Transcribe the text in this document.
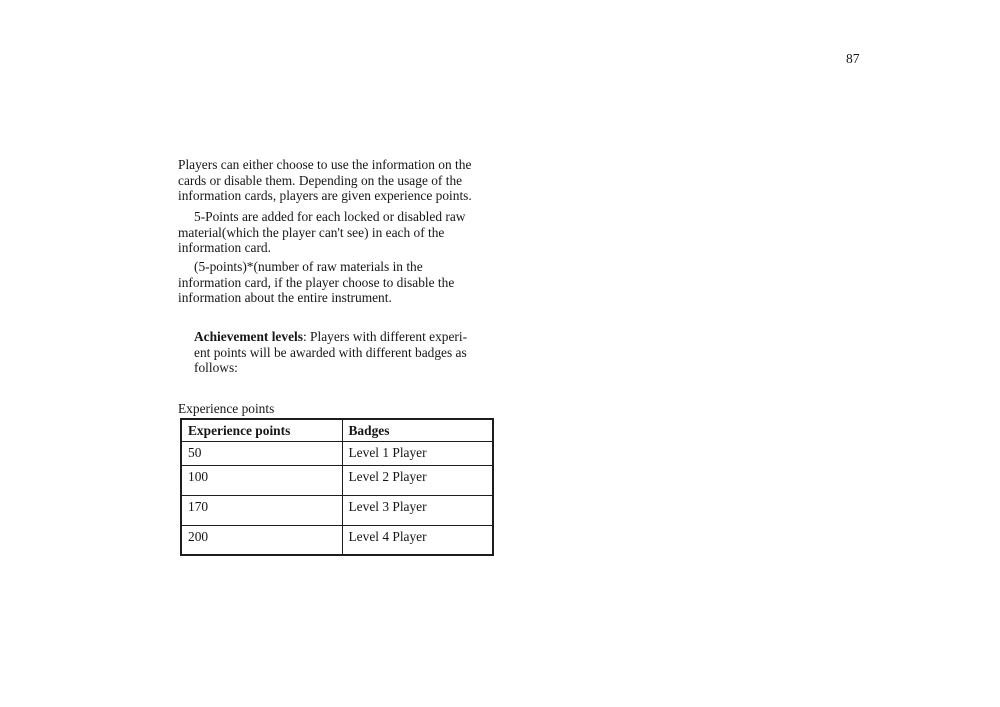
87
Players can either choose to use the information on the
cards or disable them. Depending on the usage of the
information cards, players are given experience points.
5-Points are added for each locked or disabled raw
material(which the player can't see) in each of the
information card.
(5-points)*(number of raw materials in the
information card, if the player choose to disable the
information about the entire instrument.
Achievement levels: Players with different experi-
ent points will be awarded with different badges as
follows:
Experience points
Experience points	Badges
50	Level 1 Player
100	Level 2 Player
170	Level 3 Player
200	Level 4 Player
